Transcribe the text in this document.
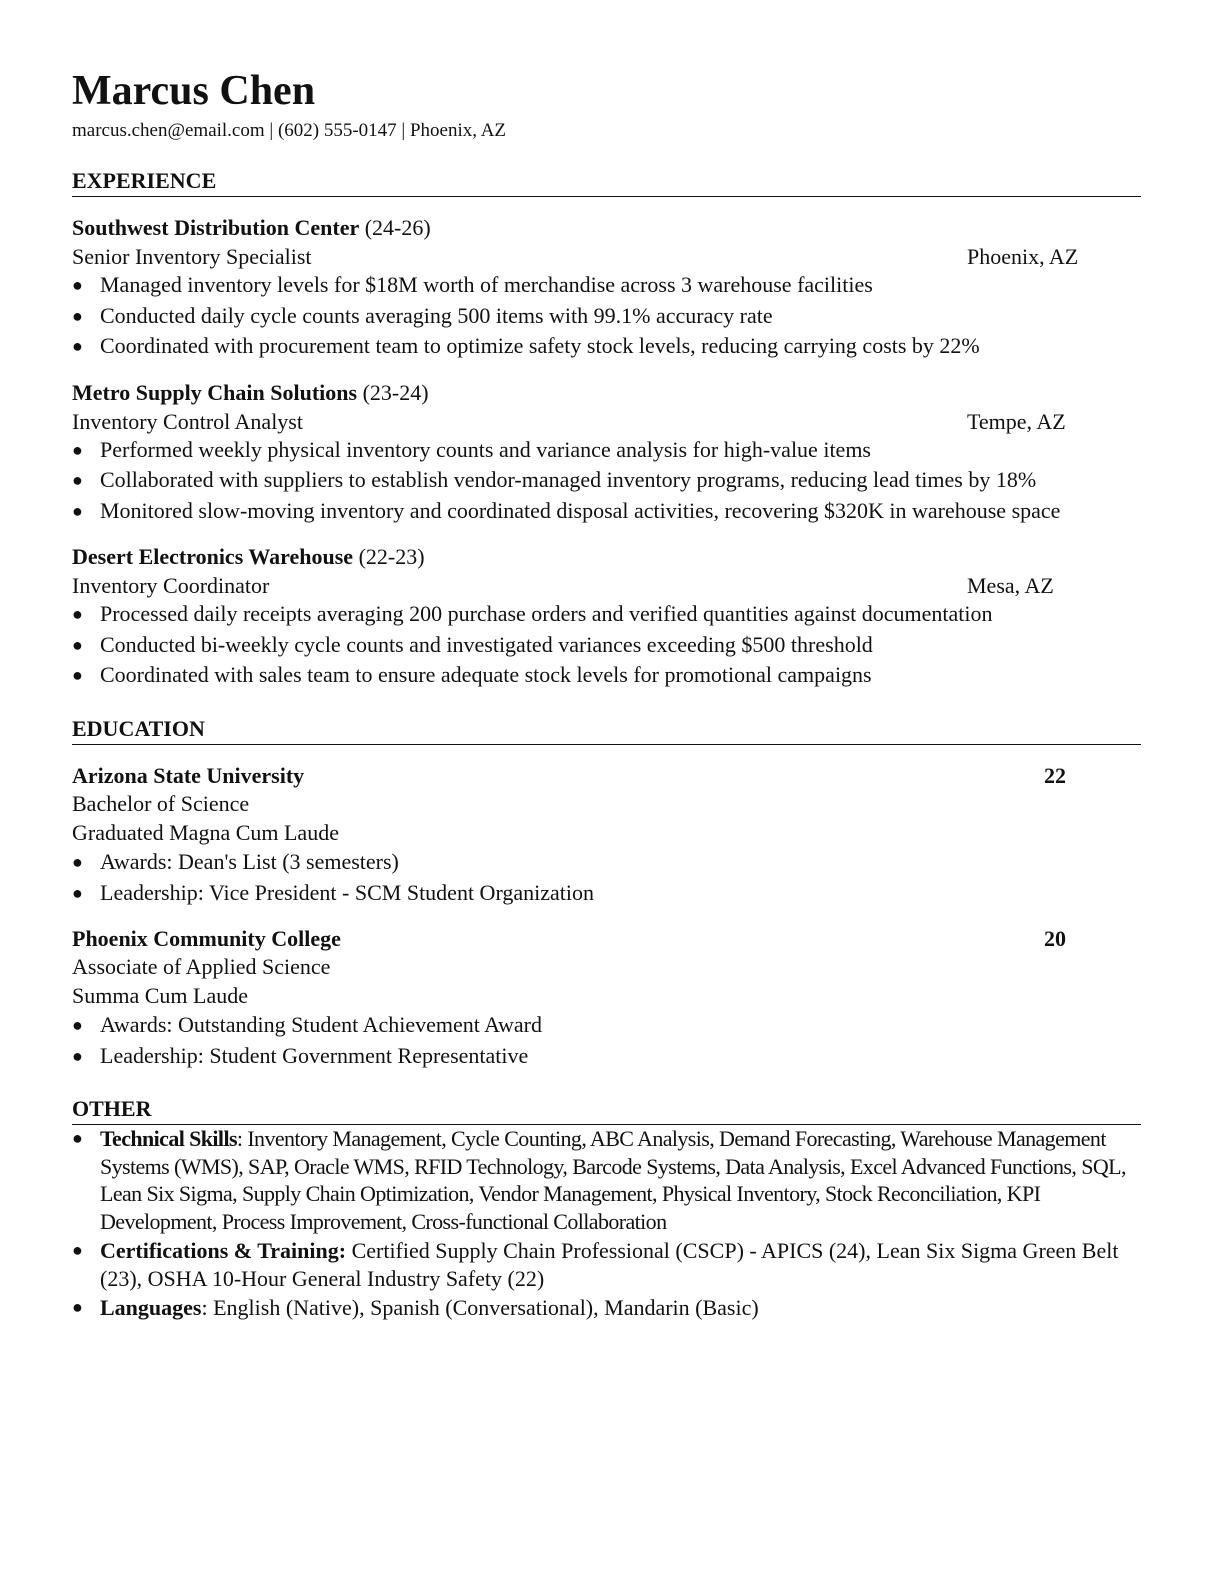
Marcus Chen
marcus.chen@email.com | (602) 555-0147 | Phoenix, AZ
EXPERIENCE
Southwest Distribution Center (24-26)
Senior Inventory Specialist	Phoenix, AZ
● Managed inventory levels for $18M worth of merchandise across 3 warehouse facilities
● Conducted daily cycle counts averaging 500 items with 99.1% accuracy rate
● Coordinated with procurement team to optimize safety stock levels, reducing carrying costs by 22%
Metro Supply Chain Solutions (23-24)
Inventory Control Analyst	Tempe, AZ
● Performed weekly physical inventory counts and variance analysis for high-value items
● Collaborated with suppliers to establish vendor-managed inventory programs, reducing lead times by 18%
● Monitored slow-moving inventory and coordinated disposal activities, recovering $320K in warehouse space
Desert Electronics Warehouse (22-23)
Inventory Coordinator	Mesa, AZ
● Processed daily receipts averaging 200 purchase orders and verified quantities against documentation
● Conducted bi-weekly cycle counts and investigated variances exceeding $500 threshold
● Coordinated with sales team to ensure adequate stock levels for promotional campaigns
EDUCATION
Arizona State University	22
Bachelor of Science
Graduated Magna Cum Laude
● Awards: Dean's List (3 semesters)
● Leadership: Vice President - SCM Student Organization
Phoenix Community College	20
Associate of Applied Science
Summa Cum Laude
● Awards: Outstanding Student Achievement Award
● Leadership: Student Government Representative
OTHER
● Technical Skills: Inventory Management, Cycle Counting, ABC Analysis, Demand Forecasting, Warehouse Management Systems (WMS), SAP, Oracle WMS, RFID Technology, Barcode Systems, Data Analysis, Excel Advanced Functions, SQL, Lean Six Sigma, Supply Chain Optimization, Vendor Management, Physical Inventory, Stock Reconciliation, KPI Development, Process Improvement, Cross-functional Collaboration
● Certifications & Training: Certified Supply Chain Professional (CSCP) - APICS (24), Lean Six Sigma Green Belt (23), OSHA 10-Hour General Industry Safety (22)
● Languages: English (Native), Spanish (Conversational), Mandarin (Basic)
